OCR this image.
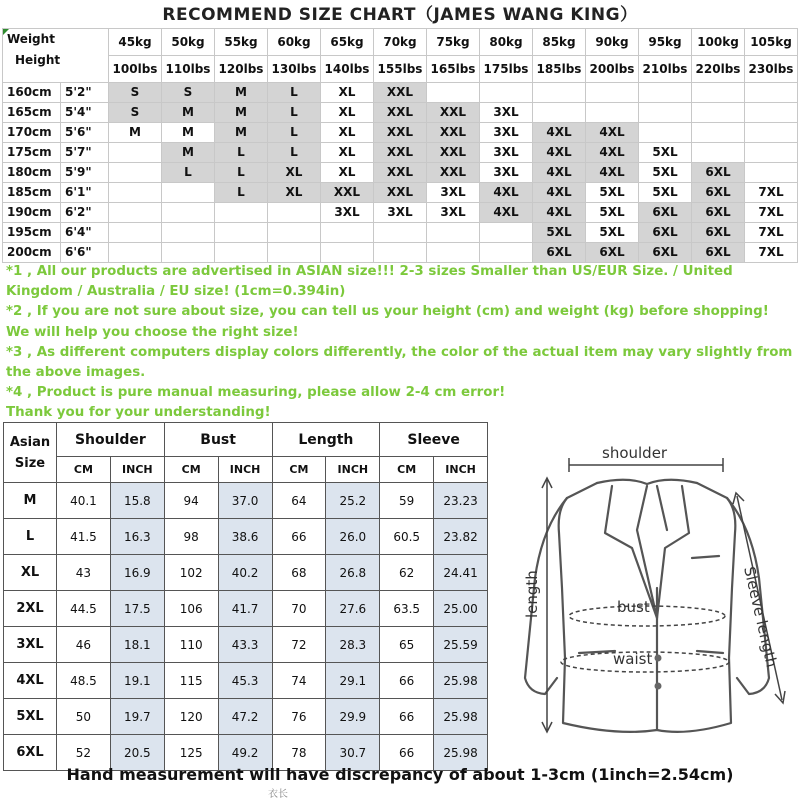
RECOMMEND SIZE CHART（JAMES WANG KING）
Weight
Height		45kg	50kg	55kg	60kg	65kg	70kg	75kg	80kg	85kg	90kg	95kg	100kg	105kg
		100lbs	110lbs	120lbs	130lbs	140lbs	155lbs	165lbs	175lbs	185lbs	200lbs	210lbs	220lbs	230lbs
160cm	5'2"	S	S	M	L	XL	XXL							
165cm	5'4"	S	M	M	L	XL	XXL	XXL	3XL					
170cm	5'6"	M	M	M	L	XL	XXL	XXL	3XL	4XL	4XL			
175cm	5'7"		M	L	L	XL	XXL	XXL	3XL	4XL	4XL	5XL		
180cm	5'9"		L	L	XL	XL	XXL	XXL	3XL	4XL	4XL	5XL	6XL	
185cm	6'1"			L	XL	XXL	XXL	3XL	4XL	4XL	5XL	5XL	6XL	7XL
190cm	6'2"					3XL	3XL	3XL	4XL	4XL	5XL	6XL	6XL	7XL
195cm	6'4"									5XL	5XL	6XL	6XL	7XL
200cm	6'6"									6XL	6XL	6XL	6XL	7XL

*1 , All our products are advertised in ASIAN size!!! 2-3 sizes Smaller than US/EUR Size. / United Kingdom / Australia / EU size! (1cm=0.394in)

*2 , If you are not sure about size, you can tell us your height (cm) and weight (kg) before shopping! We will help you choose the right size!

*3 , As different computers display colors differently, the color of the actual item may vary slightly from the above images.

*4 , Product is pure manual measuring, please allow 2-4 cm error!

Thank you for your understanding!

Asian Size	Shoulder		Bust		Length		Sleeve	
	CM	INCH	CM	INCH	CM	INCH	CM	INCH
M	40.1	15.8	94	37.0	64	25.2	59	23.23
L	41.5	16.3	98	38.6	66	26.0	60.5	23.82
XL	43	16.9	102	40.2	68	26.8	62	24.41
2XL	44.5	17.5	106	41.7	70	27.6	63.5	25.00
3XL	46	18.1	110	43.3	72	28.3	65	25.59
4XL	48.5	19.1	115	45.3	74	29.1	66	25.98
5XL	50	19.7	120	47.2	76	29.9	66	25.98
6XL	52	20.5	125	49.2	78	30.7	66	25.98
shoulder
bust
waist
length	Sleeve length
Hand measurement will have discrepancy of about 1-3cm (1inch=2.54cm)
衣长
